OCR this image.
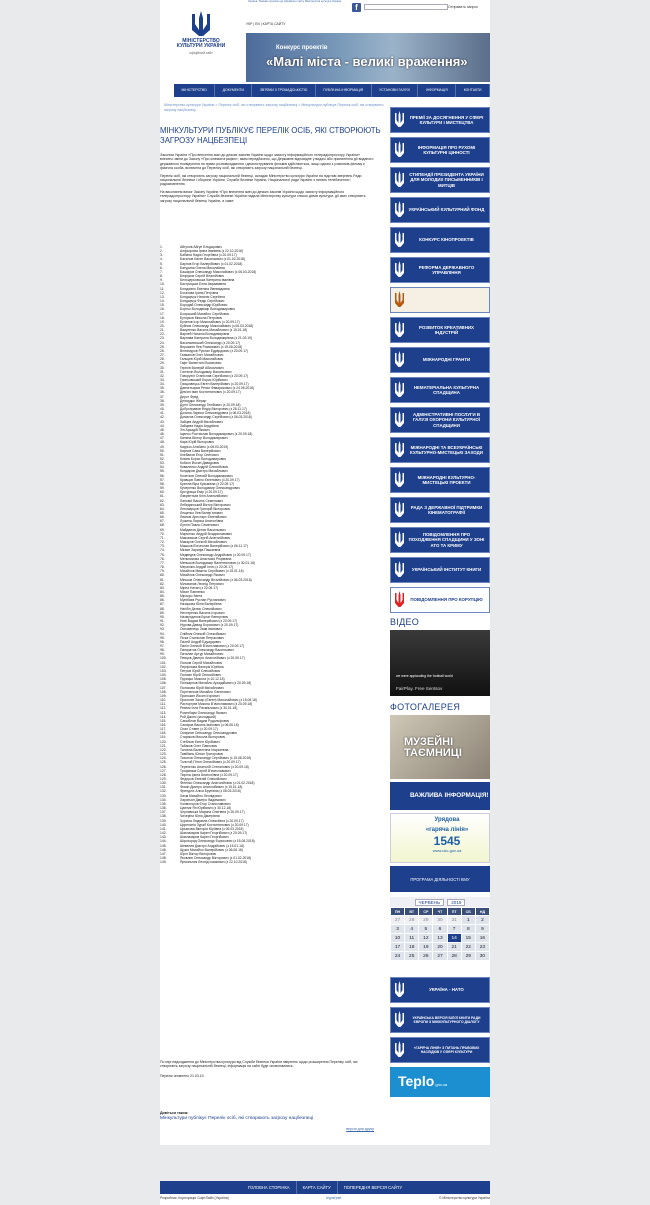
Україна. Ласкаво просимо до офіційного сайту Міністерства культури України
f	Отправить запрос
МІНІСТЕРСТВО
КУЛЬТУРИ УКРАЇНИ
офіційний сайт
УКР | EN | КАРТА САЙТУ
Конкурс проектів
«Малі міста - великі враження»
МІНІСТЕРСТВО	ДОКУМЕНТИ	ЗВ'ЯЗКИ З ГРОМАДСЬКІСТЮ	ПУБЛІЧНА ІНФОРМАЦІЯ	УСТАНОВИ ГАЛУЗІ	ІНФОРМАЦІЯ	КОНТАКТИ
Міністерство культури України > Перелік осіб, які створюють загрозу нацбезпеці > Мінкультури публікує Перелік осіб, які створюють загрозу нацбезпеці
МІНКУЛЬТУРИ ПУБЛІКУЄ ПЕРЕЛІК ОСІБ, ЯКІ СТВОРЮЮТЬ ЗАГРОЗУ НАЦБЕЗПЕЦІ

Законом України «Про внесення змін до деяких законів України щодо захисту інформаційного телерадіопростору України» внесено зміни до Закону «Про кінематографію», яким передбачено, що Державне відповідне у видачі або припинення дії виданого державного посвідчення на право розповсюдження і демонстрування фільмів здійснюється, якщо одним з учасників фільму є фізична особа, включена до Переліку осіб, які створюють загрозу національній безпеці.

Перелік осіб, які створюють загрозу національній безпеці, складає Міністерство культури України на підставі звернень Ради національної безпеки і оборони України, Служби безпеки України, Національної ради України з питань телебачення і радіомовлення.

На виконання вимог Закону України «Про внесення змін до деяких законів України щодо захисту інформаційного телерадіопростору України» Служба безпеки України надала Міністерству культури список діячів культури, дії яких створюють загрозу національній безпеці України, а саме:

1.	Айгунов Айгун Ельдарович
2.	Алфьорова Ірина Іванівна (з 22.10.2018)
3.	Бабкіна Надія Георгіївна (з 20.09.17)
4.	Басилов Євген Васильович (з 01.02.2018)
5.	Барнов Егор Валерійович (з 01.02.2018)
6.	Батурина Олена Миколаївна
7.	Баширов Олександр Миколайович (з 06.03.2018)
8.	Безруков Сергій Віталійович
9.	Белоцерковська Катерина Іванівна
10.	Бистрицька Елна Авраамівна
11.	Блюдзієнс Евеліна Явеваідовна
12.	Богачова Ірина Петрівна
13.	Бондарчук Наталія Сергіївна
14.	Бондарчук Федір Сергійович
15.	Бородай Олександр Юрійович
16.	Бортко Володимир Володимирович
17.	Боярський Михайло Сергійович
18.	Бугорков Микола Петрович
19.	Булатов Ігор Миколайович (з 20.09.17)
20.	Буйнов Олександр Миколайович (з 06.03.2018)
21.	Вакуленко Василь Михайлович (з 15.01.18)
22.	Варлей Наталія Володимирівна
23.	Варнава Катерина Володимирівна (з 21.03.19)
24.	Васильевський Олександр (з 20.09.17)
25.	Вершинін Лев Романович (з 15.08.2018)
26.	Вінтимуров Руслан Едуардович (з 20.09.17)
27.	Газманов Олег Михайлович
28.	Гальцев Юрій Миколайович
29.	Гафт Валентин Йосипович
30.	Гергієв Валерій Абисалович
31.	Гостюхін Володимир Васильович
32.	Говорухін Станіслав Сергійович (з 20.09.17)
33.	Гриньовський Борис Юрійович
34.	Грицковецьь Евген Валерійович (з 20.09.17)
35.	Давлєтьяров Ренат Фаварисович (з 24.05.2018)
36.	Дем'ян Іван Костянтинович (з 20.09.17)
37.	Дерст Фред
38.	Депардьє Жерар
39.	Дугін Олександр Гелійович (з 20.09.18)
40.	Добронравов Федір Вікторович (з 28.11.17)
41.	Долина Лариса Олександрівна (з 06.03.2018)
42.	Доматов Олександр Сергійович (з 06.03.2018)
43.	Зайцев Андрій Михайлович
44.	Зайцева Надія Андріївна
45.	Зін Аркадій Якович
46.	Іщенко Ростислав Володимирович (з 20.09.18)
47.	Калина Віктор Володимирович
48.	Кара Юрій Вікторович
49.	Каррізо Альбано (з 06.03.2019)
50.	Карпов Сава Валерійович
51.	Клебанов Егор Олегович
52.	Клюєв Борис Володимирович
53.	Кобзон Йосип Давидович
54.	Коваленко Андрій Олексійович
55.	Кондаров Дмитро Михайлович
56.	Кочетков Олексій Володимирович
57.	Кравцов Павло Євгенович (з 20.09.17)
58.	Кузніна Віра Кузьмівна (з 20.09.17)
59.	Кучеренко Володимир Олександрович
60.	Кустурица Емір (з 20.09.17)
61.	Лаврентьєв Клін Анатолійович
62.	Ланової Василь Семенович
63.	Лебединський Віктор Вікторович
64.	Летсмарцов Григорій Вікторович
65.	Лещенко Лев Валер'янович
66.	Лванов Арестарх Євгенійович
67.	Лужина Лариса Анатоліївна
68.	Лунгін Павло Семенович
69.	Майданов Денис Васильович
70.	Марченко Андрій Владиславович
71.	Маковюков Сергій Анатолійович
72.	Макаров Олексій Михайлович
73.	Машков В'ячеслав Валерійович (з 06.11.17)
74.	Мігаян Зарифа Пашаєвна
75.	Медведєв Олександр Андрійович (з 20.09.17)
76.	Мельникова Анастасія Рюрівівна
77.	Меньшов Володимир Валентинович (з 30.01.18)
78.	Мерзлікін Андрій Ілліч (з 20.09.17)
79.	Міхайлов Микита Сергійович (з 15.01.18)
80.	Міхайлов Олександр Якович
81.	Міньков Олександр Віталійович (з 06.03.2018)
82.	Мілованов Леонід Петрович
83.	Мірна Натан (з 20.09.17)
84.	Міхал Павленко
85.	Мірзоро Звета
86.	Мунібаєв Руслан Русланович
87.	Назарова Юлія Валеріївна
88.	Нагібін Денис Олексійович
89.	Нестеренко Василь Ігорович
90.	Назмутдинов Булат Венерович
91.	Нові Вадим Валерійович (з 20.09.17)
92.	Нурова Давид Борисович (з 20.09.17)
93.	Осповенець Заяв Іванович
94.	Олійник Олексій Олексійович
95.	Піска Станіслав Петрасович
96.	Палей Андрій Едуардович
97.	Панін Олексій В'ячеславович (з 20.09.17)
98.	Панкратов Олександр Васильович
99.	Паталан Артур Михайлович
100.	Певцов Дмитро Анатолійович (з 20.09.17)
101.	Попков Сергій Михайлович
102.	Перфілова Валерія Юріївна
103.	Петров Юрій Олексійович
104.	Полякін Юрій Олексійович
105.	Пурицьо Микола (з 10.12.18)
106.	Полікарпов Михайло Аркадійович (з 20.09.18)
107.	Полякова Юрій Михайлович
108.	Пореченков Михайло Євгенович
109.	Пригожин Йосип Ігорович
110.	Прилєпін Захар (Євген) Миколайович (з 15.08.18)
111.	Расторгуєв Микола В'ячеславович (з 20.09.18)
112.	Резник Ілля Рахмієлович (з 30.01.18)
113.	Розенбаум Олександр Якович
114.	Рой Джонс (молодший)
115.	Самойлов Вадим Рудольфович
116.	Сахаров Василь Іванович (з 06.06.18)
117.	Сігал Стівен (з 20.09.17)
118.	Смирнов Олександр Олександрович
119.	Стариков Микола Вікторович
120.	Стебліов Євген Юрійович
121.	Табаков Олег Павлович
122.	Талізіна Валентина Іларіонівна
123.	Тамбіянц Юліан Григорович
124.	Тихонов Олександр Сергійович (з 15.08.2018)
125.	Толстой Пітон Олексійович (з 20.09.17)
126.	Терехенко Анатолій Степанович (з 20.09.18)
127.	Трофимов Сергій В'ячеславович
128.	Тюріна Ірина Анатоліївна (з 20.09.17)
129.	Федоров Євгеній Олексійович
130.	Філенко Олександр Анатолійович (з 01.02.2018)
131.	Фомін Дмитро Анатолійович (з 15.01.18)
132.	Френдліх Аліса Брунівна (з 06.03.2018)
133.	Хахм Михайло Леонідович
134.	Харатьян Дмитро Вадимович
135.	Холмогоров Єгор Станіславович
136.	Цапник Ян Юрійович (з 30.12.18)
137.	Чернявська Марина Олегівна (з 20.09.17)
138.	Чичеріна Юлія Дмитрівна
139.	Чурсіна Людмила Олексіївна (з 20.09.17)
140.	Цирелатія Зураб Костянтинович (з 20.09.17)
141.	Циганова Вікторія Юріївна (з 06.03.2018)
142.	Шахназаров Карен Георгійович (з 20.09.17)
143.	Шахназаров Карен Георгійович
144.	Шірохорад Олександр Борисович (з 15.08.2018)
145.	Шевелев Дмитро Андрійович (з 15.01.18)
146.	Щукін Михайло Валерійович (з 06.06.18)
147.	Юрін Віктор Вікторович
148.	Яковлєв Олександр Вікторович (з 01.02.2018)
149.	Ярмольник Леонід Ісаакович (з 22.10.2018)

По мірі надходження до Міністерства культури від Служби безпеки України звернень щодо розширення Переліку осіб, які створюють загрозу національній безпеці, інформація на сайті буде оновлюватись.

Перелік оновлено 21.03.19

Дивіться також:
Мінкультури публікує Перелік осіб, які створюють загрозу нацбезпеці
версія для друку
ПРЕМІЇ ЗА ДОСЯГНЕННЯ У СФЕРІ КУЛЬТУРИ І МИСТЕЦТВА
ІНФОРМАЦІЯ ПРО РУХОМІ КУЛЬТУРНІ ЦІННОСТІ
СТИПЕНДІЇ ПРЕЗИДЕНТА УКРАЇНИ ДЛЯ МОЛОДИХ ПИСЬМЕННИКІВ І МИТЦІВ
УКРАЇНСЬКИЙ КУЛЬТУРНИЙ ФОНД
КОНКУРС КІНОПРОЕКТІВ
РЕФОРМА ДЕРЖАВНОГО УПРАВЛІННЯ
РОЗВИТОК КРЕАТИВНИХ ІНДУСТРІЙ
МІЖНАРОДНІ ГРАНТИ
НЕМАТЕРІАЛЬНА КУЛЬТУРНА СПАДЩИНА
АДМІНІСТРАТИВНІ ПОСЛУГИ В ГАЛУЗІ ОХОРОНИ КУЛЬТУРНОЇ СПАДЩИНИ
МІЖНАРОДНІ ТА ВСЕУКРАЇНСЬКІ КУЛЬТУРНО-МИСТЕЦЬКІ ЗАХОДИ
МІЖНАРОДНІ КУЛЬТУРНО-МИСТЕЦЬКІ ПРОЕКТИ
РАДА З ДЕРЖАВНОЇ ПІДТРИМКИ КІНЕМАТОГРАФІЇ
ПОВІДОМЛЕННЯ ПРО ПОХОДЖЕННЯ СПАДЩИНИ У ЗОНІ АТО ТА КРИМУ
УКРАЇНСЬКИЙ ІНСТИТУТ КНИГИ
ПОВІДОМЛЕННЯ ПРО КОРУПЦІЮ
ВІДЕО
we were applauding the football world
FairPlay. Free Sentsov
ФОТОГАЛЕРЕЯ
МУЗЕЙНІ ТАЄМНИЦІ
ВАЖЛИВА ІНФОРМАЦІЯ!
Урядова
«гаряча лінія»
1545
www.ukc.gov.ua
ПРОГРАМА ДІЯЛЬНОСТІ КМУ
ЧЕРВЕНЬ	2019
ПН	ВТ	СР	ЧТ	ПТ	СБ	НД
27	28	29	30	31	1	2
3	4	5	6	7	8	9
10	11	12	13	14	15	16
17	18	19	20	21	22	23
24	25	26	27	28	29	30
УКРАЇНА - НАТО
УКРАЇНСЬКА ВЕРСІЯ БІЛОЇ КНИГИ РАДИ ЄВРОПИ З МІЖКУЛЬТУРНОГО ДІАЛОГУ
«ГАРЯЧА ЛІНІЯ» З ПИТАНЬ ПРАВОВИХ НАСЛІДКІВ У СФЕРІ КУЛЬТУРИ
Teplo.gov.ua
ГОЛОВНА СТОРІНКА	КАРТА САЙТУ	ПОПЕРЕДНЯ ВЕРСІЯ САЙТУ
Розробник: Корпорація СофтЛайн (Україна)	bigmir)net	© Міністерство культури України
